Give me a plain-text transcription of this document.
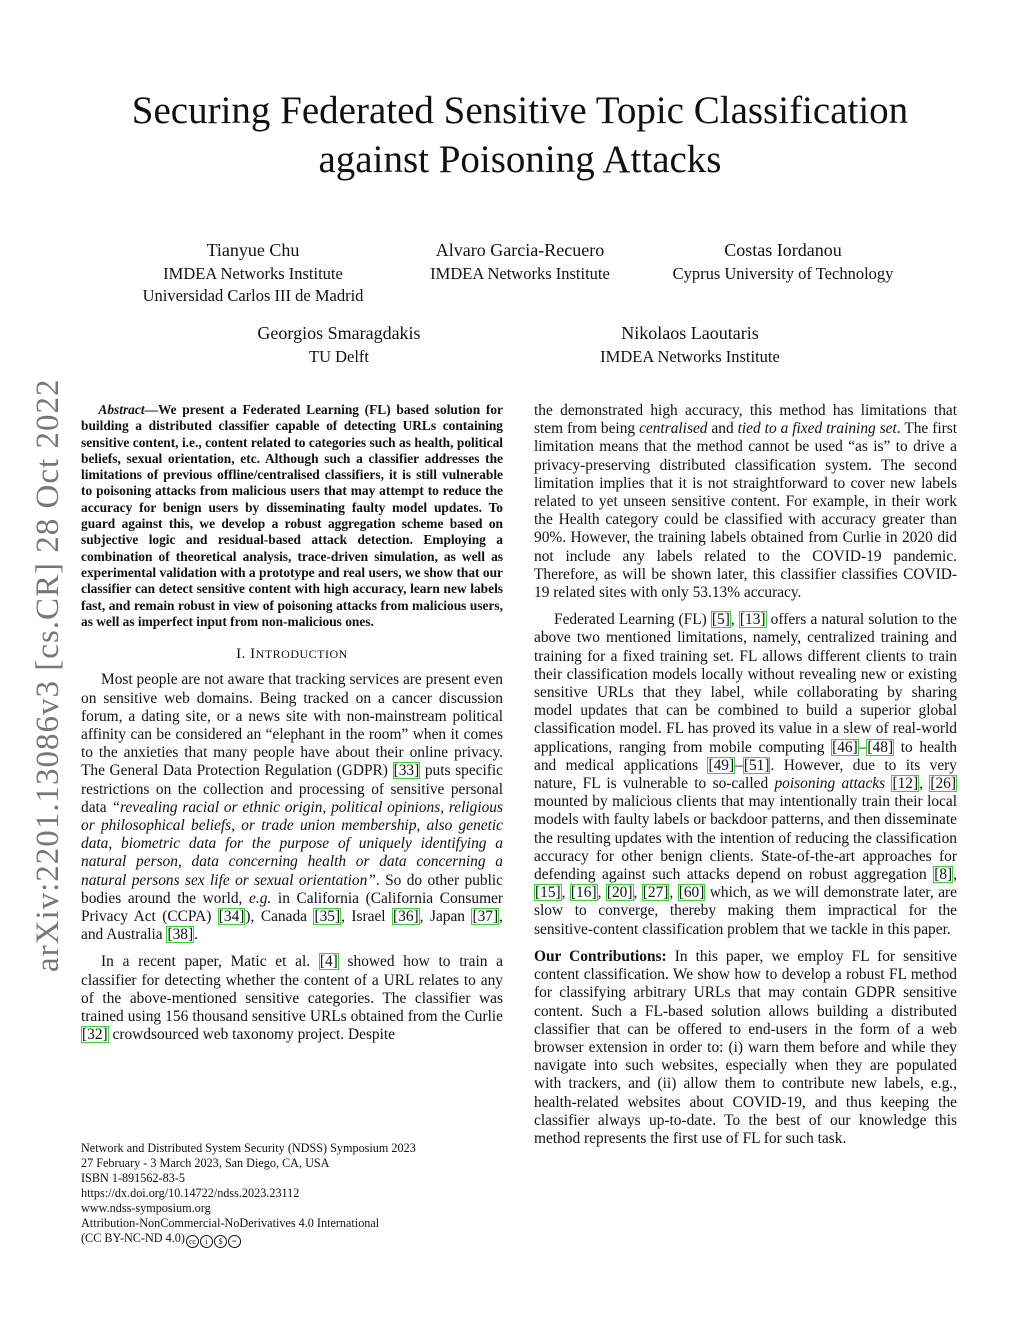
arXiv:2201.13086v3 [cs.CR] 28 Oct 2022
Securing Federated Sensitive Topic Classification
against Poisoning Attacks
Tianyue Chu
IMDEA Networks Institute
Universidad Carlos III de Madrid
Alvaro Garcia-Recuero
IMDEA Networks Institute
Costas Iordanou
Cyprus University of Technology
Georgios Smaragdakis
TU Delft
Nikolaos Laoutaris
IMDEA Networks Institute

Abstract—We present a Federated Learning (FL) based solution for building a distributed classifier capable of detecting URLs containing sensitive content, i.e., content related to categories such as health, political beliefs, sexual orientation, etc. Although such a classifier addresses the limitations of previous offline/centralised classifiers, it is still vulnerable to poisoning attacks from malicious users that may attempt to reduce the accuracy for benign users by disseminating faulty model updates. To guard against this, we develop a robust aggregation scheme based on subjective logic and residual-based attack detection. Employing a combination of theoretical analysis, trace-driven simulation, as well as experimental validation with a prototype and real users, we show that our classifier can detect sensitive content with high accuracy, learn new labels fast, and remain robust in view of poisoning attacks from malicious users, as well as imperfect input from non-malicious ones.

I. INTRODUCTION

Most people are not aware that tracking services are present even on sensitive web domains. Being tracked on a cancer discussion forum, a dating site, or a news site with non-mainstream political affinity can be considered an “elephant in the room” when it comes to the anxieties that many people have about their online privacy. The General Data Protection Regulation (GDPR) [33] puts specific restrictions on the collection and processing of sensitive personal data “revealing racial or ethnic origin, political opinions, religious or philosophical beliefs, or trade union membership, also genetic data, biometric data for the purpose of uniquely identifying a natural person, data concerning health or data concerning a natural persons sex life or sexual orientation”. So do other public bodies around the world, e.g. in California (California Consumer Privacy Act (CCPA) [34]), Canada [35], Israel [36], Japan [37], and Australia [38].

In a recent paper, Matic et al. [4] showed how to train a classifier for detecting whether the content of a URL relates to any of the above-mentioned sensitive categories. The classifier was trained using 156 thousand sensitive URLs obtained from the Curlie [32] crowdsourced web taxonomy project. Despite

Network and Distributed System Security (NDSS) Symposium 2023
27 February - 3 March 2023, San Diego, CA, USA
ISBN 1-891562-83-5
https://dx.doi.org/10.14722/ndss.2023.23112
www.ndss-symposium.org
Attribution-NonCommercial-NoDerivatives 4.0 International
(CC BY-NC-ND 4.0) cc i $ =

the demonstrated high accuracy, this method has limitations that stem from being centralised and tied to a fixed training set. The first limitation means that the method cannot be used “as is” to drive a privacy-preserving distributed classification system. The second limitation implies that it is not straightforward to cover new labels related to yet unseen sensitive content. For example, in their work the Health category could be classified with accuracy greater than 90%. However, the training labels obtained from Curlie in 2020 did not include any labels related to the COVID-19 pandemic. Therefore, as will be shown later, this classifier classifies COVID-19 related sites with only 53.13% accuracy.

Federated Learning (FL) [5], [13] offers a natural solution to the above two mentioned limitations, namely, centralized training and training for a fixed training set. FL allows different clients to train their classification models locally without revealing new or existing sensitive URLs that they label, while collaborating by sharing model updates that can be combined to build a superior global classification model. FL has proved its value in a slew of real-world applications, ranging from mobile computing [46]–[48] to health and medical applications [49]–[51]. However, due to its very nature, FL is vulnerable to so-called poisoning attacks [12], [26] mounted by malicious clients that may intentionally train their local models with faulty labels or backdoor patterns, and then disseminate the resulting updates with the intention of reducing the classification accuracy for other benign clients. State-of-the-art approaches for defending against such attacks depend on robust aggregation [8], [15], [16], [20], [27], [60] which, as we will demonstrate later, are slow to converge, thereby making them impractical for the sensitive-content classification problem that we tackle in this paper.

Our Contributions: In this paper, we employ FL for sensitive content classification. We show how to develop a robust FL method for classifying arbitrary URLs that may contain GDPR sensitive content. Such a FL-based solution allows building a distributed classifier that can be offered to end-users in the form of a web browser extension in order to: (i) warn them before and while they navigate into such websites, especially when they are populated with trackers, and (ii) allow them to contribute new labels, e.g., health-related websites about COVID-19, and thus keeping the classifier always up-to-date. To the best of our knowledge this method represents the first use of FL for such task.
